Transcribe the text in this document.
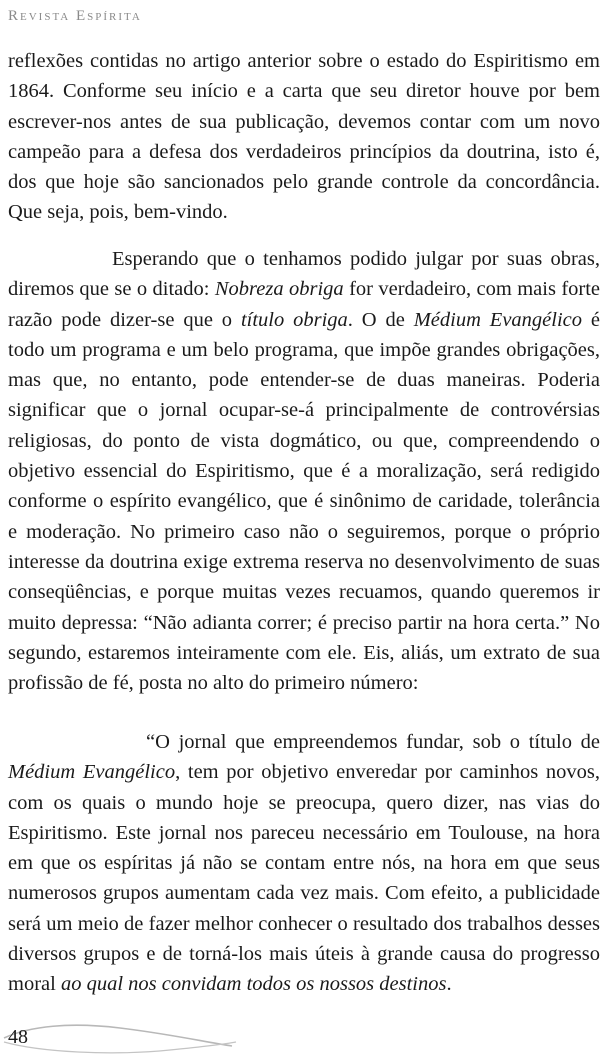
Revista Espírita

reflexões contidas no artigo anterior sobre o estado do Espiritismo em 1864. Conforme seu início e a carta que seu diretor houve por bem escrever-nos antes de sua publicação, devemos contar com um novo campeão para a defesa dos verdadeiros princípios da doutrina, isto é, dos que hoje são sancionados pelo grande controle da concordância. Que seja, pois, bem-vindo.

Esperando que o tenhamos podido julgar por suas obras, diremos que se o ditado: Nobreza obriga for verdadeiro, com mais forte razão pode dizer-se que o título obriga. O de Médium Evangélico é todo um programa e um belo programa, que impõe grandes obrigações, mas que, no entanto, pode entender-se de duas maneiras. Poderia significar que o jornal ocupar-se-á principalmente de controvérsias religiosas, do ponto de vista dogmático, ou que, compreendendo o objetivo essencial do Espiritismo, que é a moralização, será redigido conforme o espírito evangélico, que é sinônimo de caridade, tolerância e moderação. No primeiro caso não o seguiremos, porque o próprio interesse da doutrina exige extrema reserva no desenvolvimento de suas conseqüências, e porque muitas vezes recuamos, quando queremos ir muito depressa: “Não adianta correr; é preciso partir na hora certa.” No segundo, estaremos inteiramente com ele. Eis, aliás, um extrato de sua profissão de fé, posta no alto do primeiro número:

“O jornal que empreendemos fundar, sob o título de Médium Evangélico, tem por objetivo enveredar por caminhos novos, com os quais o mundo hoje se preocupa, quero dizer, nas vias do Espiritismo. Este jornal nos pareceu necessário em Toulouse, na hora em que os espíritas já não se contam entre nós, na hora em que seus numerosos grupos aumentam cada vez mais. Com efeito, a publicidade será um meio de fazer melhor conhecer o resultado dos trabalhos desses diversos grupos e de torná-los mais úteis à grande causa do progresso moral ao qual nos convidam todos os nossos destinos.

48
